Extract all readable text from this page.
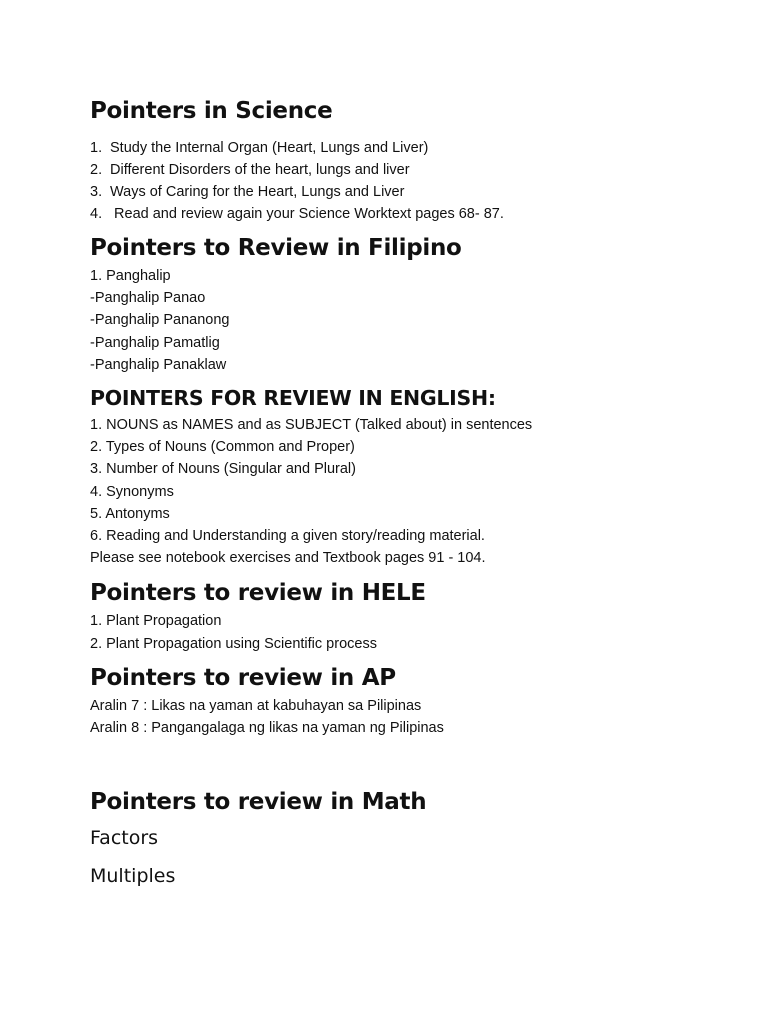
Pointers in Science
1. Study the Internal Organ (Heart, Lungs and Liver)
2. Different Disorders of the heart, lungs and liver
3. Ways of Caring for the Heart, Lungs and Liver
4. Read and review again your Science Worktext pages 68- 87.
Pointers to Review in Filipino
1. Panghalip
-Panghalip Panao
-Panghalip Pananong
-Panghalip Pamatlig
-Panghalip Panaklaw
POINTERS FOR REVIEW IN ENGLISH:
1. NOUNS as NAMES and as SUBJECT (Talked about) in sentences
2. Types of Nouns (Common and Proper)
3. Number of Nouns (Singular and Plural)
4. Synonyms
5. Antonyms
6. Reading and Understanding a given story/reading material.
Please see notebook exercises and Textbook pages 91 - 104.
Pointers to review in HELE
1. Plant Propagation
2. Plant Propagation using Scientific process
Pointers to review in AP
Aralin 7 : Likas na yaman at kabuhayan sa Pilipinas
Aralin 8 : Pangangalaga ng likas na yaman ng Pilipinas
Pointers to review in Math
Factors
Multiples
